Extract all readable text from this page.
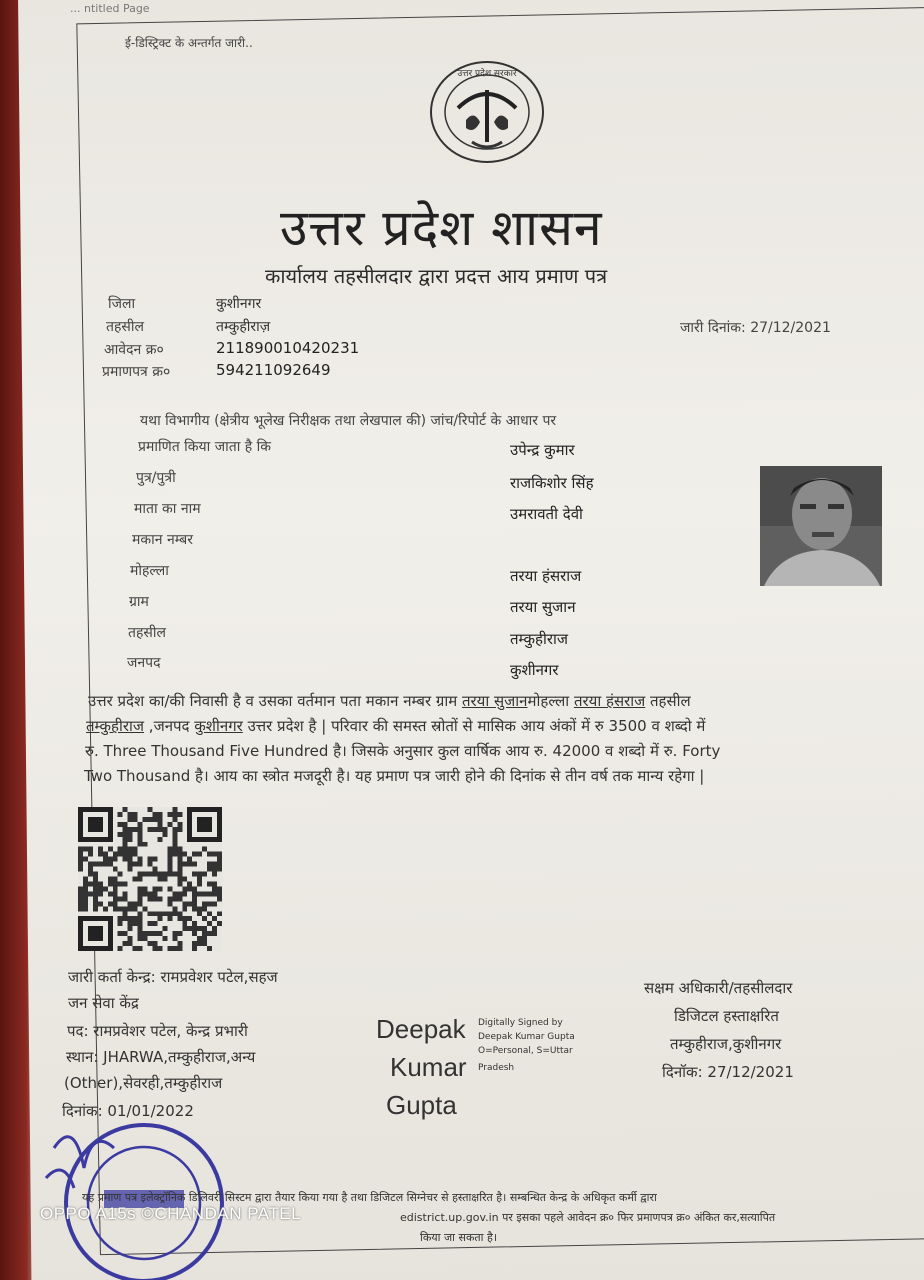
... ntitled Page
ई-डिस्ट्रिक्ट के अन्तर्गत जारी..
उत्तर प्रदेश सरकार
उत्तर प्रदेश शासन
कार्यालय तहसीलदार द्वारा प्रदत्त आय प्रमाण पत्र
जिला	कुशीनगर
तहसील	तम्कुहीराज़
आवेदन क्र०	211890010420231
प्रमाणपत्र क्र०	594211092649
जारी दिनांक: 27/12/2021
यथा विभागीय (क्षेत्रीय भूलेख निरीक्षक तथा लेखपाल की) जांच/रिपोर्ट के आधार पर
प्रमाणित किया जाता है कि	उपेन्द्र कुमार
पुत्र/पुत्री	राजकिशोर सिंह
माता का नाम	उमरावती देवी
मकान नम्बर
मोहल्ला	तरया हंसराज
ग्राम	तरया सुजान
तहसील	तम्कुहीराज
जनपद	कुशीनगर
उत्तर प्रदेश का/की निवासी है व उसका वर्तमान पता मकान नम्बर ग्राम तरया सुजानमोहल्ला तरया हंसराज तहसील
तम्कुहीराज ,जनपद कुशीनगर उत्तर प्रदेश है | परिवार की समस्त स्रोतों से मासिक आय अंकों में रु 3500 व शब्दो में
रु. Three Thousand Five Hundred है। जिसके अनुसार कुल वार्षिक आय रु. 42000 व शब्दो में रु. Forty
Two Thousand है। आय का स्त्रोत मजदूरी है। यह प्रमाण पत्र जारी होने की दिनांक से तीन वर्ष तक मान्य रहेगा |
जारी कर्ता केन्द्र: रामप्रवेशर पटेल,सहज
जन सेवा केंद्र
पद: रामप्रवेशर पटेल, केन्द्र प्रभारी
स्थान: JHARWA,तम्कुहीराज,अन्य
(Other),सेवरही,तम्कुहीराज
दिनांक: 01/01/2022
Deepak
Kumar
Gupta
Digitally Signed by
Deepak Kumar Gupta
O=Personal, S=Uttar
Pradesh
सक्षम अधिकारी/तहसीलदार
डिजिटल हस्ताक्षरित
तम्कुहीराज,कुशीनगर
दिनॉक: 27/12/2021
यह प्रमाण पत्र इलेक्ट्रॉनिक डिलिवरी सिस्टम द्वारा तैयार किया गया है तथा डिजिटल सिग्नेचर से हस्ताक्षरित है। सम्बन्धित केन्द्र के अधिकृत कर्मी द्वारा
edistrict.up.gov.in पर इसका पहले आवेदन क्र० फिर प्रमाणपत्र क्र० अंकित कर,सत्यापित
किया जा सकता है।
OPPO A15s ©CHANDAN PATEL
